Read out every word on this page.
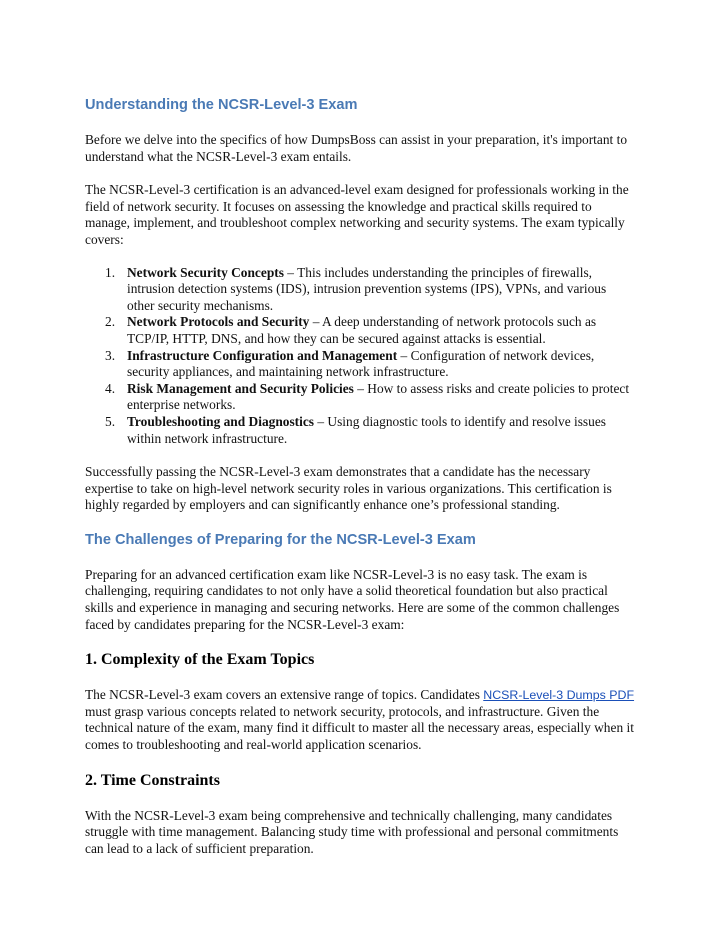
Understanding the NCSR-Level-3 Exam

Before we delve into the specifics of how DumpsBoss can assist in your preparation, it's important to understand what the NCSR-Level-3 exam entails.

The NCSR-Level-3 certification is an advanced-level exam designed for professionals working in the field of network security. It focuses on assessing the knowledge and practical skills required to manage, implement, and troubleshoot complex networking and security systems. The exam typically covers:

1. Network Security Concepts – This includes understanding the principles of firewalls, intrusion detection systems (IDS), intrusion prevention systems (IPS), VPNs, and various other security mechanisms.
2. Network Protocols and Security – A deep understanding of network protocols such as TCP/IP, HTTP, DNS, and how they can be secured against attacks is essential.
3. Infrastructure Configuration and Management – Configuration of network devices, security appliances, and maintaining network infrastructure.
4. Risk Management and Security Policies – How to assess risks and create policies to protect enterprise networks.
5. Troubleshooting and Diagnostics – Using diagnostic tools to identify and resolve issues within network infrastructure.

Successfully passing the NCSR-Level-3 exam demonstrates that a candidate has the necessary expertise to take on high-level network security roles in various organizations. This certification is highly regarded by employers and can significantly enhance one’s professional standing.

The Challenges of Preparing for the NCSR-Level-3 Exam

Preparing for an advanced certification exam like NCSR-Level-3 is no easy task. The exam is challenging, requiring candidates to not only have a solid theoretical foundation but also practical skills and experience in managing and securing networks. Here are some of the common challenges faced by candidates preparing for the NCSR-Level-3 exam:

1. Complexity of the Exam Topics

The NCSR-Level-3 exam covers an extensive range of topics. Candidates NCSR-Level-3 Dumps PDF must grasp various concepts related to network security, protocols, and infrastructure. Given the technical nature of the exam, many find it difficult to master all the necessary areas, especially when it comes to troubleshooting and real-world application scenarios.

2. Time Constraints

With the NCSR-Level-3 exam being comprehensive and technically challenging, many candidates struggle with time management. Balancing study time with professional and personal commitments can lead to a lack of sufficient preparation.
